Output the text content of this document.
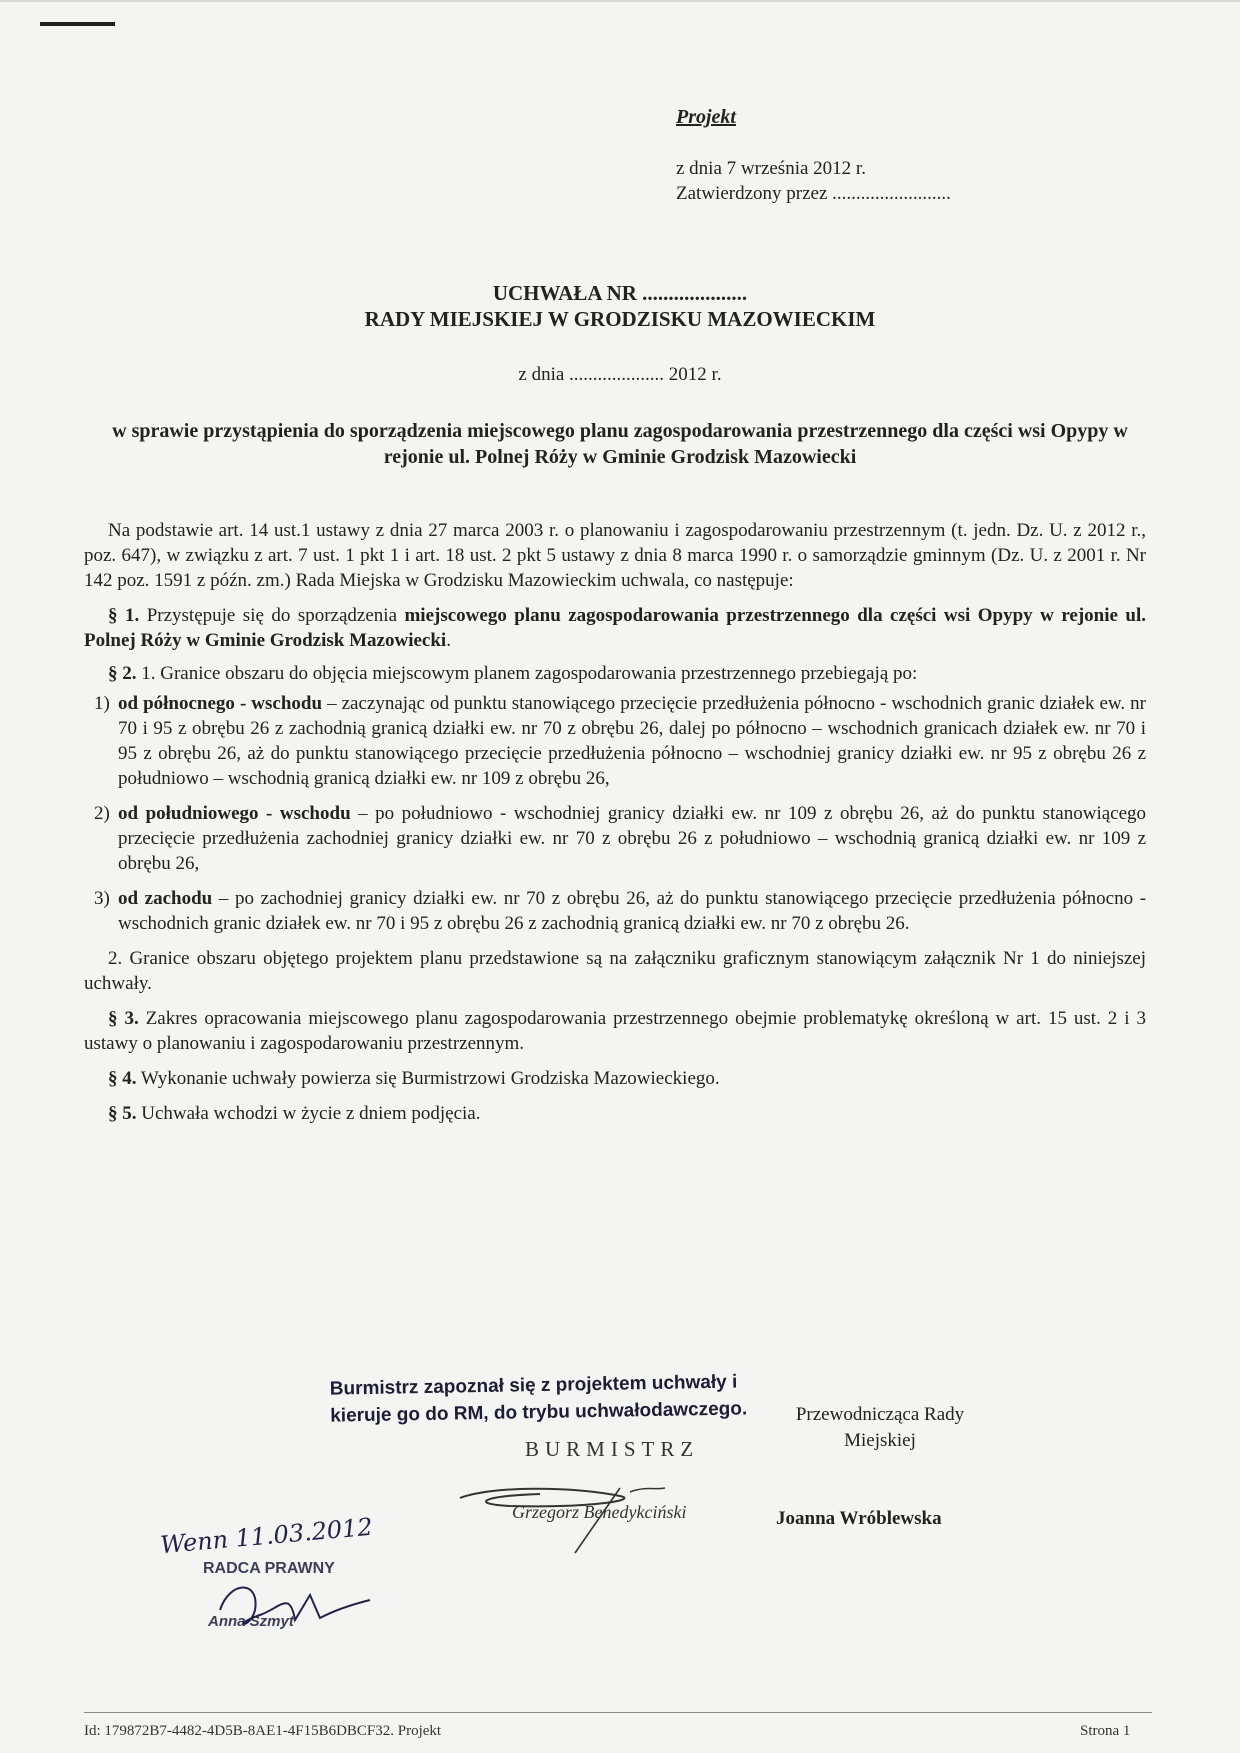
Projekt
z dnia 7 września 2012 r.
Zatwierdzony przez .........................
UCHWAŁA NR ....................
RADY MIEJSKIEJ W GRODZISKU MAZOWIECKIM
z dnia .................... 2012 r.
w sprawie przystąpienia do sporządzenia miejscowego planu zagospodarowania przestrzennego dla części wsi Opypy w rejonie ul. Polnej Róży w Gminie Grodzisk Mazowiecki

Na podstawie art. 14 ust.1 ustawy z dnia 27 marca 2003 r. o planowaniu i zagospodarowaniu przestrzennym (t. jedn. Dz. U. z 2012 r., poz. 647), w związku z art. 7 ust. 1 pkt 1 i art. 18 ust. 2 pkt 5 ustawy z dnia 8 marca 1990 r. o samorządzie gminnym (Dz. U. z 2001 r. Nr 142 poz. 1591 z późn. zm.) Rada Miejska w Grodzisku Mazowieckim uchwala, co następuje:

§ 1. Przystępuje się do sporządzenia miejscowego planu zagospodarowania przestrzennego dla części wsi Opypy w rejonie ul. Polnej Róży w Gminie Grodzisk Mazowiecki.

§ 2. 1. Granice obszaru do objęcia miejscowym planem zagospodarowania przestrzennego przebiegają po:

1) od północnego - wschodu – zaczynając od punktu stanowiącego przecięcie przedłużenia północno - wschodnich granic działek ew. nr 70 i 95 z obrębu 26 z zachodnią granicą działki ew. nr 70 z obrębu 26, dalej po północno – wschodnich granicach działek ew. nr 70 i 95 z obrębu 26, aż do punktu stanowiącego przecięcie przedłużenia północno – wschodniej granicy działki ew. nr 95 z obrębu 26 z południowo – wschodnią granicą działki ew. nr 109 z obrębu 26,

2) od południowego - wschodu – po południowo - wschodniej granicy działki ew. nr 109 z obrębu 26, aż do punktu stanowiącego przecięcie przedłużenia zachodniej granicy działki ew. nr 70 z obrębu 26 z południowo – wschodnią granicą działki ew. nr 109 z obrębu 26,

3) od zachodu – po zachodniej granicy działki ew. nr 70 z obrębu 26, aż do punktu stanowiącego przecięcie przedłużenia północno - wschodnich granic działek ew. nr 70 i 95 z obrębu 26 z zachodnią granicą działki ew. nr 70 z obrębu 26.

2. Granice obszaru objętego projektem planu przedstawione są na załączniku graficznym stanowiącym załącznik Nr 1 do niniejszej uchwały.

§ 3. Zakres opracowania miejscowego planu zagospodarowania przestrzennego obejmie problematykę określoną w art. 15 ust. 2 i 3 ustawy o planowaniu i zagospodarowaniu przestrzennym.

§ 4. Wykonanie uchwały powierza się Burmistrzowi Grodziska Mazowieckiego.

§ 5. Uchwała wchodzi w życie z dniem podjęcia.

Burmistrz zapoznał się z projektem uchwały i
kieruje go do RM, do trybu uchwałodawczego.
BURMISTRZ
Grzegorz Benedykciński
Przewodnicząca Rady
Miejskiej
Joanna Wróblewska
Wenn 11.03.2012
RADCA PRAWNY
Anna Szmyt
Id: 179872B7-4482-4D5B-8AE1-4F15B6DBCF32. Projekt	Strona 1
